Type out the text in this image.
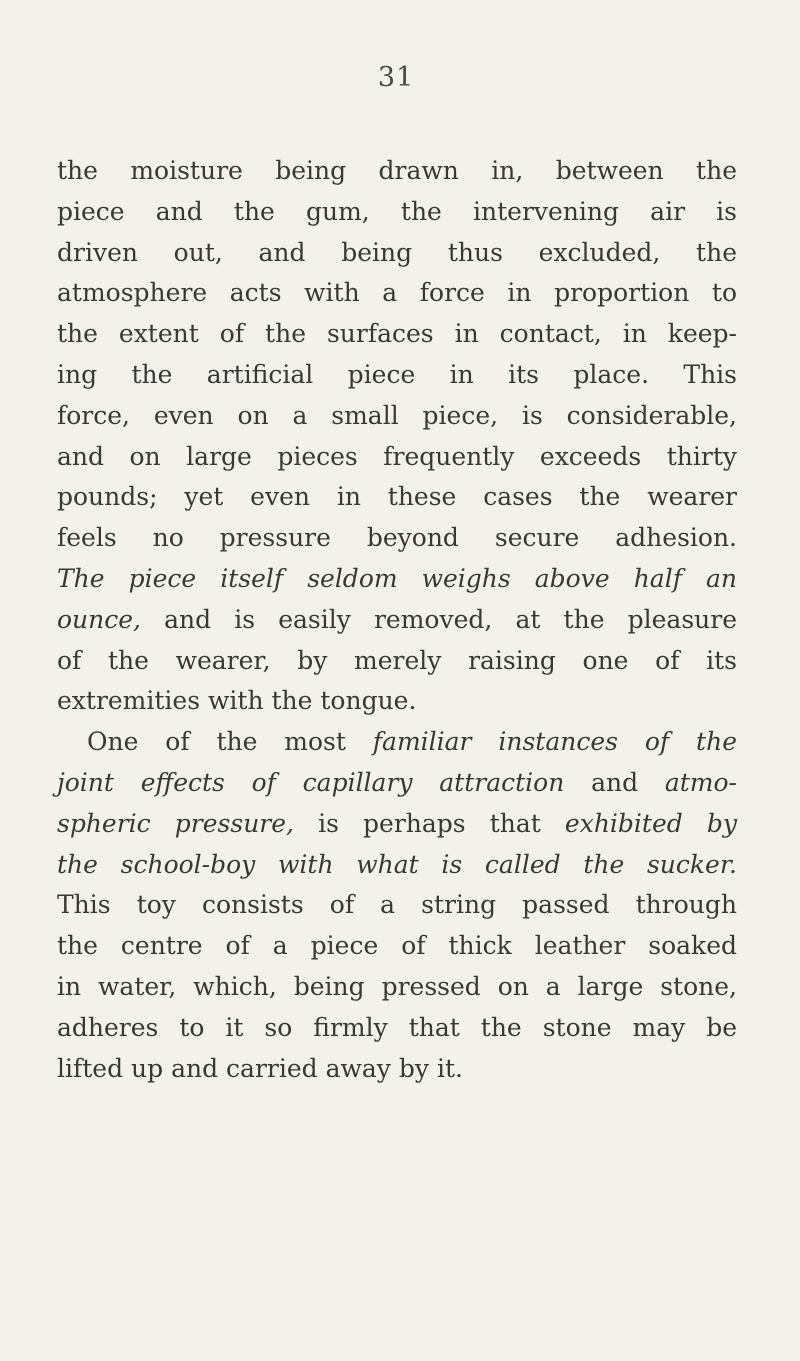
31
the moisture being drawn in, between the
piece and the gum, the intervening air is
driven out, and being thus excluded, the
atmosphere acts with a force in proportion to
the extent of the surfaces in contact, in keep-
ing the artificial piece in its place. This
force, even on a small piece, is considerable,
and on large pieces frequently exceeds thirty
pounds; yet even in these cases the wearer
feels no pressure beyond secure adhesion.
The piece itself seldom weighs above half an
ounce, and is easily removed, at the pleasure
of the wearer, by merely raising one of its
extremities with the tongue.
One of the most familiar instances of the
joint effects of capillary attraction and atmo-
spheric pressure, is perhaps that exhibited by
the school-boy with what is called the sucker.
This toy consists of a string passed through
the centre of a piece of thick leather soaked
in water, which, being pressed on a large stone,
adheres to it so firmly that the stone may be
lifted up and carried away by it.
